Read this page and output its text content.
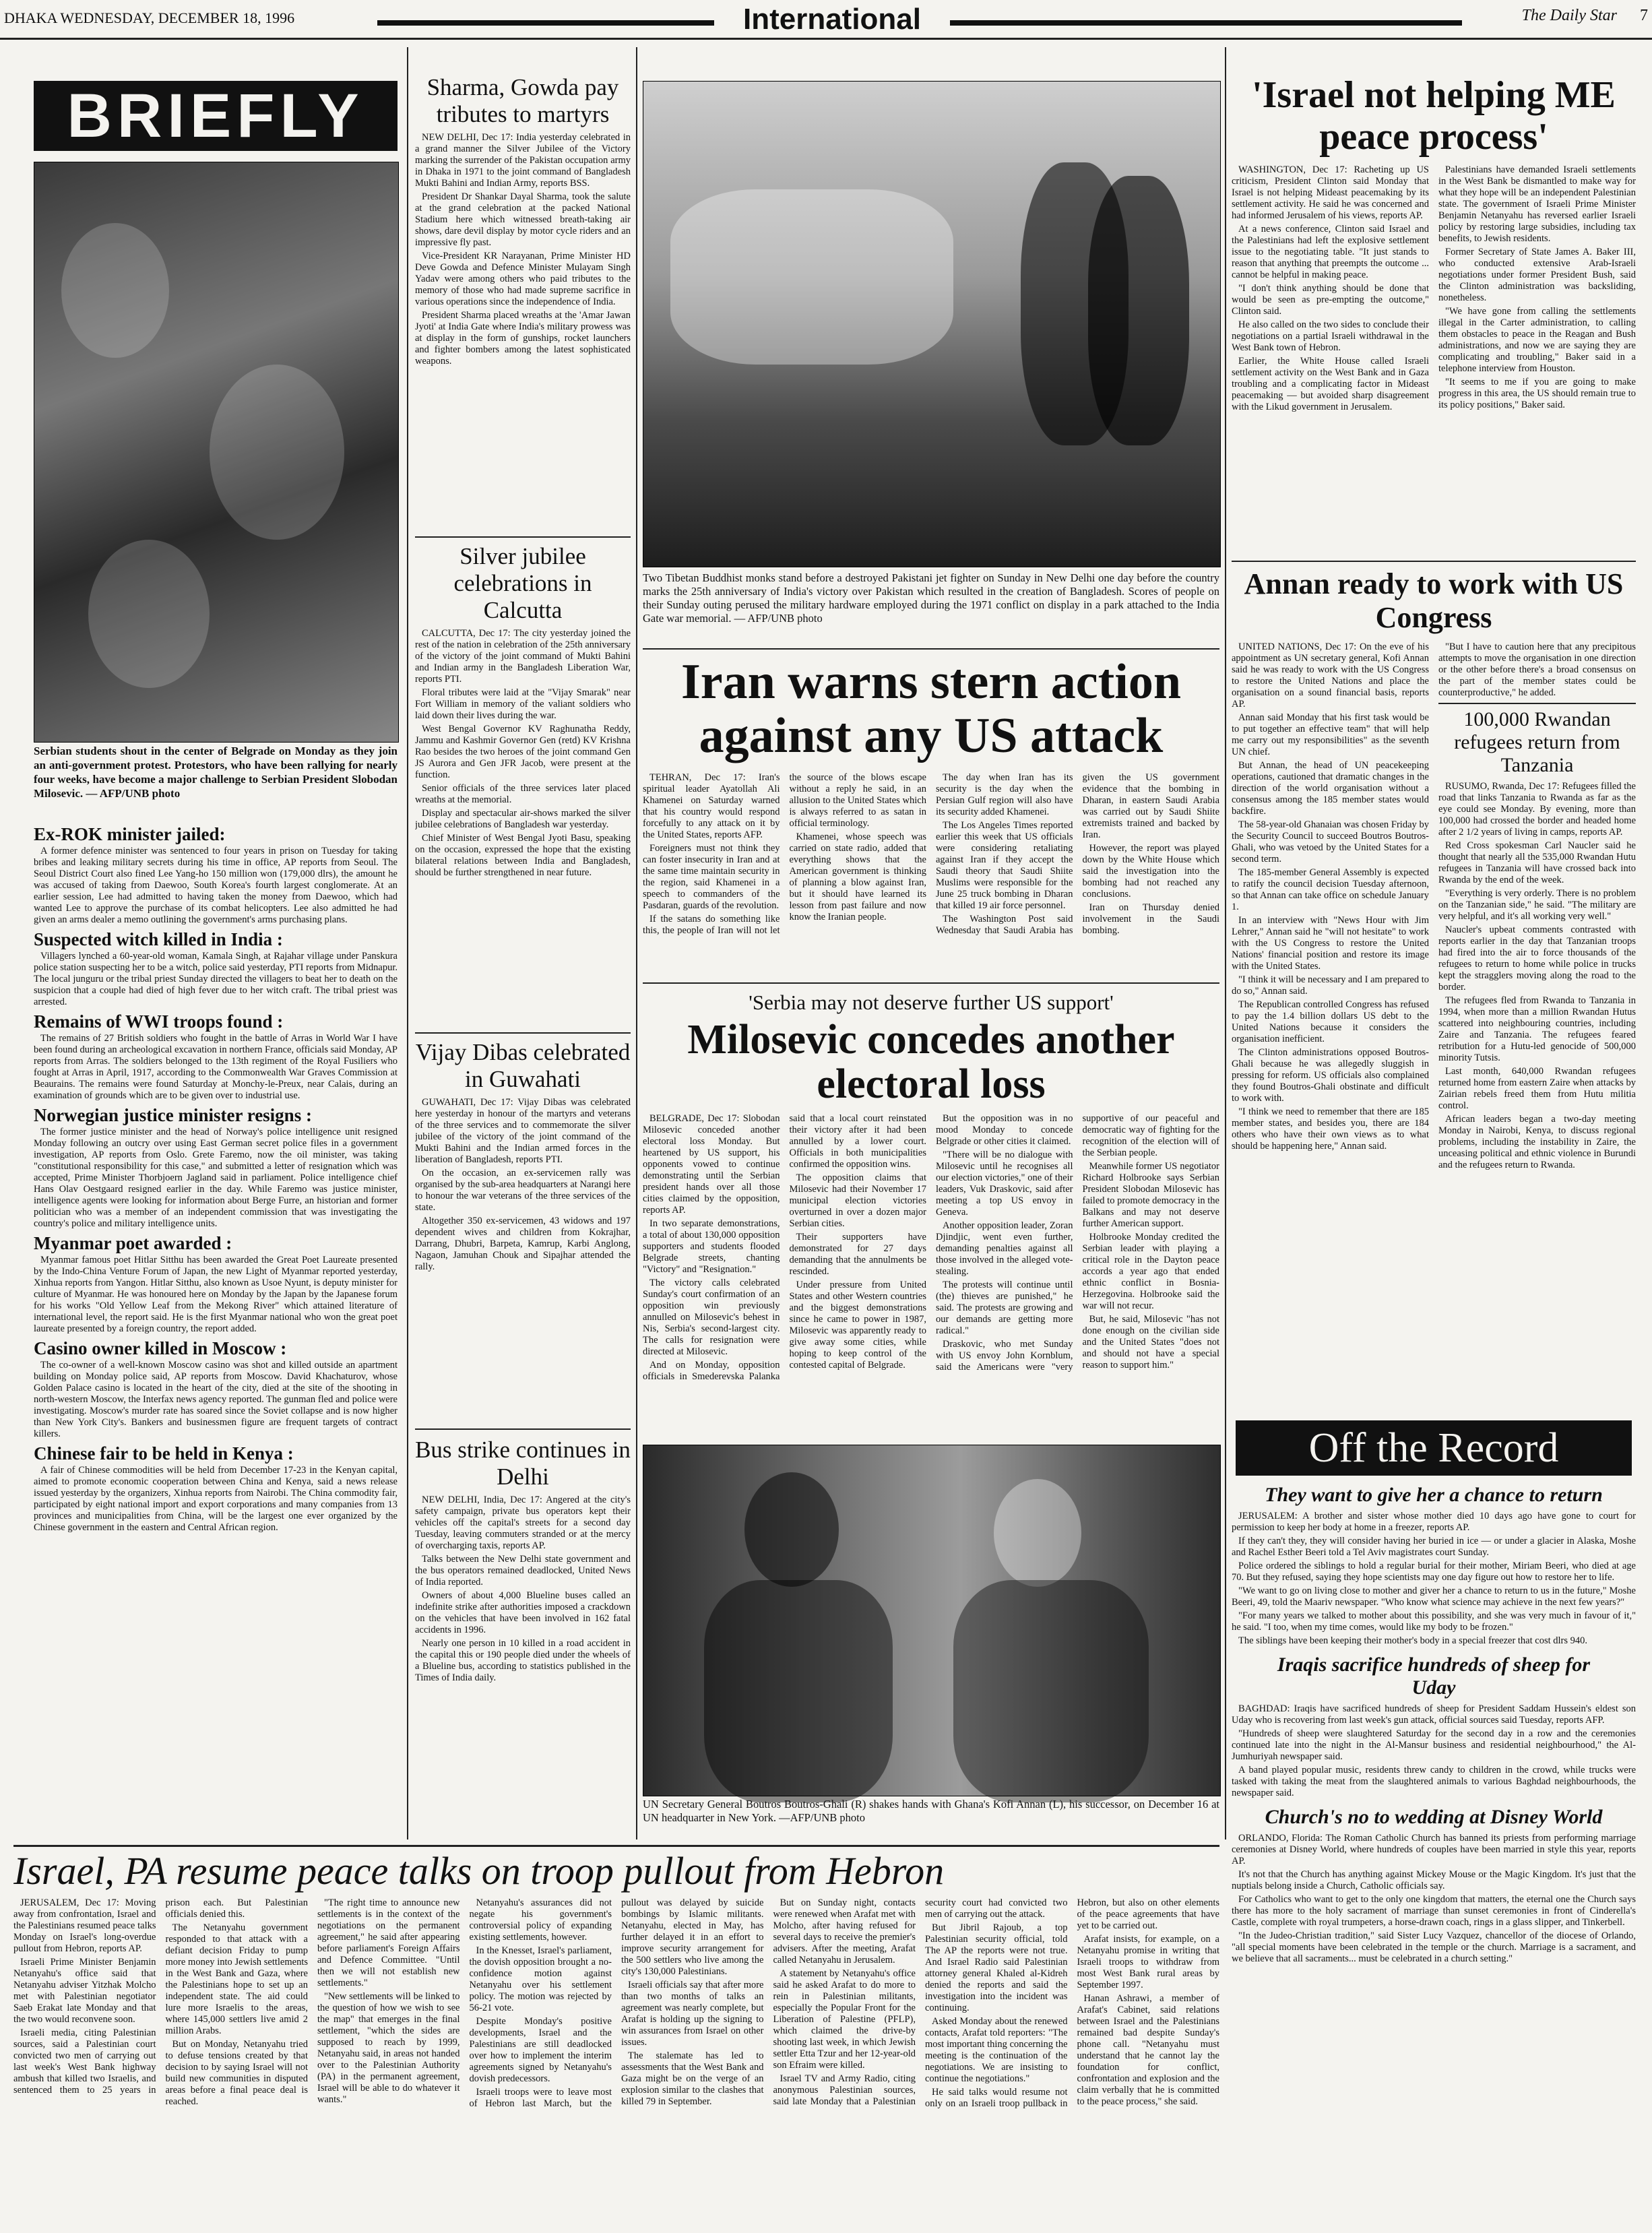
DHAKA WEDNESDAY, DECEMBER 18, 1996	International	The Daily Star	7
BRIEFLY
Serbian students shout in the center of Belgrade on Monday as they join an anti-government protest. Protestors, who have been rallying for nearly four weeks, have become a major challenge to Serbian President Slobodan Milosevic. — AFP/UNB photo
Ex-ROK minister jailed:

A former defence minister was sentenced to four years in prison on Tuesday for taking bribes and leaking military secrets during his time in office, AP reports from Seoul. The Seoul District Court also fined Lee Yang-ho 150 million won (179,000 dlrs), the amount he was accused of taking from Daewoo, South Korea's fourth largest conglomerate. At an earlier session, Lee had admitted to having taken the money from Daewoo, which had wanted Lee to approve the purchase of its combat helicopters. Lee also admitted he had given an arms dealer a memo outlining the government's arms purchasing plans.

Suspected witch killed in India :

Villagers lynched a 60-year-old woman, Kamala Singh, at Rajahar village under Panskura police station suspecting her to be a witch, police said yesterday, PTI reports from Midnapur. The local junguru or the tribal priest Sunday directed the villagers to beat her to death on the suspicion that a couple had died of high fever due to her witch craft. The tribal priest was arrested.

Remains of WWI troops found :

The remains of 27 British soldiers who fought in the battle of Arras in World War I have been found during an archeological excavation in northern France, officials said Monday, AP reports from Arras. The soldiers belonged to the 13th regiment of the Royal Fusiliers who fought at Arras in April, 1917, according to the Commonwealth War Graves Commission at Beaurains. The remains were found Saturday at Monchy-le-Preux, near Calais, during an examination of grounds which are to be given over to industrial use.

Norwegian justice minister resigns :

The former justice minister and the head of Norway's police intelligence unit resigned Monday following an outcry over using East German secret police files in a government investigation, AP reports from Oslo. Grete Faremo, now the oil minister, was taking "constitutional responsibility for this case," and submitted a letter of resignation which was accepted, Prime Minister Thorbjoern Jagland said in parliament. Police intelligence chief Hans Olav Oestgaard resigned earlier in the day. While Faremo was justice minister, intelligence agents were looking for information about Berge Furre, an historian and former politician who was a member of an independent commission that was investigating the country's police and military intelligence units.

Myanmar poet awarded :

Myanmar famous poet Hitlar Sitthu has been awarded the Great Poet Laureate presented by the Indo-China Venture Forum of Japan, the new Light of Myanmar reported yesterday, Xinhua reports from Yangon. Hitlar Sitthu, also known as Usoe Nyunt, is deputy minister for culture of Myanmar. He was honoured here on Monday by the Japan by the Japanese forum for his works "Old Yellow Leaf from the Mekong River" which attained literature of international level, the report said. He is the first Myanmar national who won the great poet laureate presented by a foreign country, the report added.

Casino owner killed in Moscow :

The co-owner of a well-known Moscow casino was shot and killed outside an apartment building on Monday police said, AP reports from Moscow. David Khachaturov, whose Golden Palace casino is located in the heart of the city, died at the site of the shooting in north-western Moscow, the Interfax news agency reported. The gunman fled and police were investigating. Moscow's murder rate has soared since the Soviet collapse and is now higher than New York City's. Bankers and businessmen figure are frequent targets of contract killers.

Chinese fair to be held in Kenya :

A fair of Chinese commodities will be held from December 17-23 in the Kenyan capital, aimed to promote economic cooperation between China and Kenya, said a news release issued yesterday by the organizers, Xinhua reports from Nairobi. The China commodity fair, participated by eight national import and export corporations and many companies from 13 provinces and municipalities from China, will be the largest one ever organized by the Chinese government in the eastern and Central African region.

Sharma, Gowda pay tributes to martyrs

NEW DELHI, Dec 17: India yesterday celebrated in a grand manner the Silver Jubilee of the Victory marking the surrender of the Pakistan occupation army in Dhaka in 1971 to the joint command of Bangladesh Mukti Bahini and Indian Army, reports BSS.

President Dr Shankar Dayal Sharma, took the salute at the grand celebration at the packed National Stadium here which witnessed breath-taking air shows, dare devil display by motor cycle riders and an impressive fly past.

Vice-President KR Narayanan, Prime Minister HD Deve Gowda and Defence Minister Mulayam Singh Yadav were among others who paid tributes to the memory of those who had made supreme sacrifice in various operations since the independence of India.

President Sharma placed wreaths at the 'Amar Jawan Jyoti' at India Gate where India's military prowess was at display in the form of gunships, rocket launchers and fighter bombers among the latest sophisticated weapons.

Silver jubilee celebrations in Calcutta

CALCUTTA, Dec 17: The city yesterday joined the rest of the nation in celebration of the 25th anniversary of the victory of the joint command of Mukti Bahini and Indian army in the Bangladesh Liberation War, reports PTI.

Floral tributes were laid at the "Vijay Smarak" near Fort William in memory of the valiant soldiers who laid down their lives during the war.

West Bengal Governor KV Raghunatha Reddy, Jammu and Kashmir Governor Gen (retd) KV Krishna Rao besides the two heroes of the joint command Gen JS Aurora and Gen JFR Jacob, were present at the function.

Senior officials of the three services later placed wreaths at the memorial.

Display and spectacular air-shows marked the silver jubilee celebrations of Bangladesh war yesterday.

Chief Minister of West Bengal Jyoti Basu, speaking on the occasion, expressed the hope that the existing bilateral relations between India and Bangladesh, should be further strengthened in near future.

Vijay Dibas celebrated in Guwahati

GUWAHATI, Dec 17: Vijay Dibas was celebrated here yesterday in honour of the martyrs and veterans of the three services and to commemorate the silver jubilee of the victory of the joint command of the Mukti Bahini and the Indian armed forces in the liberation of Bangladesh, reports PTI.

On the occasion, an ex-servicemen rally was organised by the sub-area headquarters at Narangi here to honour the war veterans of the three services of the state.

Altogether 350 ex-servicemen, 43 widows and 197 dependent wives and children from Kokrajhar, Darrang, Dhubri, Barpeta, Kamrup, Karbi Anglong, Nagaon, Jamuhan Chouk and Sipajhar attended the rally.

Bus strike continues in Delhi

NEW DELHI, India, Dec 17: Angered at the city's safety campaign, private bus operators kept their vehicles off the capital's streets for a second day Tuesday, leaving commuters stranded or at the mercy of overcharging taxis, reports AP.

Talks between the New Delhi state government and the bus operators remained deadlocked, United News of India reported.

Owners of about 4,000 Blueline buses called an indefinite strike after authorities imposed a crackdown on the vehicles that have been involved in 162 fatal accidents in 1996.

Nearly one person in 10 killed in a road accident in the capital this or 190 people died under the wheels of a Blueline bus, according to statistics published in the Times of India daily.

Two Tibetan Buddhist monks stand before a destroyed Pakistani jet fighter on Sunday in New Delhi one day before the country marks the 25th anniversary of India's victory over Pakistan which resulted in the creation of Bangladesh. Scores of people on their Sunday outing perused the military hardware employed during the 1971 conflict on display in a park attached to the India Gate war memorial. — AFP/UNB photo
Iran warns stern action against any US attack

TEHRAN, Dec 17: Iran's spiritual leader Ayatollah Ali Khamenei on Saturday warned that his country would respond forcefully to any attack on it by the United States, reports AFP.

Foreigners must not think they can foster insecurity in Iran and at the same time maintain security in the region, said Khamenei in a speech to commanders of the Pasdaran, guards of the revolution.

If the satans do something like this, the people of Iran will not let the source of the blows escape without a reply he said, in an allusion to the United States which is always referred to as satan in official terminology.

Khamenei, whose speech was carried on state radio, added that everything shows that the American government is thinking of planning a blow against Iran, but it should have learned its lesson from past failure and now know the Iranian people.

The day when Iran has its security is the day when the Persian Gulf region will also have its security added Khamenei.

The Los Angeles Times reported earlier this week that US officials were considering retaliating against Iran if they accept the Saudi theory that Saudi Shiite Muslims were responsible for the June 25 truck bombing in Dharan that killed 19 air force personnel.

The Washington Post said Wednesday that Saudi Arabia has given the US government evidence that the bombing in Dharan, in eastern Saudi Arabia was carried out by Saudi Shiite extremists trained and backed by Iran.

However, the report was played down by the White House which said the investigation into the bombing had not reached any conclusions.

Iran on Thursday denied involvement in the Saudi bombing.

'Serbia may not deserve further US support'
Milosevic concedes another electoral loss

BELGRADE, Dec 17: Slobodan Milosevic conceded another electoral loss Monday. But heartened by US support, his opponents vowed to continue demonstrating until the Serbian president hands over all those cities claimed by the opposition, reports AP.

In two separate demonstrations, a total of about 130,000 opposition supporters and students flooded Belgrade streets, chanting "Victory" and "Resignation."

The victory calls celebrated Sunday's court confirmation of an opposition win previously annulled on Milosevic's behest in Nis, Serbia's second-largest city. The calls for resignation were directed at Milosevic.

And on Monday, opposition officials in Smederevska Palanka said that a local court reinstated their victory after it had been annulled by a lower court. Officials in both municipalities confirmed the opposition wins.

The opposition claims that Milosevic had their November 17 municipal election victories overturned in over a dozen major Serbian cities.

Their supporters have demonstrated for 27 days demanding that the annulments be rescinded.

Under pressure from United States and other Western countries and the biggest demonstrations since he came to power in 1987, Milosevic was apparently ready to give away some cities, while hoping to keep control of the contested capital of Belgrade.

But the opposition was in no mood Monday to concede Belgrade or other cities it claimed.

"There will be no dialogue with Milosevic until he recognises all our election victories," one of their leaders, Vuk Draskovic, said after meeting a top US envoy in Geneva.

Another opposition leader, Zoran Djindjic, went even further, demanding penalties against all those involved in the alleged vote-stealing.

The protests will continue until (the) thieves are punished," he said. The protests are growing and our demands are getting more radical."

Draskovic, who met Sunday with US envoy John Kornblum, said the Americans were "very supportive of our peaceful and democratic way of fighting for the recognition of the election will of the Serbian people.

Meanwhile former US negotiator Richard Holbrooke says Serbian President Slobodan Milosevic has failed to promote democracy in the Balkans and may not deserve further American support.

Holbrooke Monday credited the Serbian leader with playing a critical role in the Dayton peace accords a year ago that ended ethnic conflict in Bosnia-Herzegovina. Holbrooke said the war will not recur.

But, he said, Milosevic "has not done enough on the civilian side and the United States "does not and should not have a special reason to support him."

UN Secretary General Boutros Boutros-Ghali (R) shakes hands with Ghana's Kofi Annan (L), his successor, on December 16 at UN headquarter in New York. —AFP/UNB photo
'Israel not helping ME peace process'

WASHINGTON, Dec 17: Racheting up US criticism, President Clinton said Monday that Israel is not helping Mideast peacemaking by its settlement activity. He said he was concerned and had informed Jerusalem of his views, reports AP.

At a news conference, Clinton said Israel and the Palestinians had left the explosive settlement issue to the negotiating table. "It just stands to reason that anything that preempts the outcome ... cannot be helpful in making peace.

"I don't think anything should be done that would be seen as pre-empting the outcome," Clinton said.

He also called on the two sides to conclude their negotiations on a partial Israeli withdrawal in the West Bank town of Hebron.

Earlier, the White House called Israeli settlement activity on the West Bank and in Gaza troubling and a complicating factor in Mideast peacemaking — but avoided sharp disagreement with the Likud government in Jerusalem.

Palestinians have demanded Israeli settlements in the West Bank be dismantled to make way for what they hope will be an independent Palestinian state. The government of Israeli Prime Minister Benjamin Netanyahu has reversed earlier Israeli policy by restoring large subsidies, including tax benefits, to Jewish residents.

Former Secretary of State James A. Baker III, who conducted extensive Arab-Israeli negotiations under former President Bush, said the Clinton administration was backsliding, nonetheless.

"We have gone from calling the settlements illegal in the Carter administration, to calling them obstacles to peace in the Reagan and Bush administrations, and now we are saying they are complicating and troubling," Baker said in a telephone interview from Houston.

"It seems to me if you are going to make progress in this area, the US should remain true to its policy positions," Baker said.

Annan ready to work with US Congress

UNITED NATIONS, Dec 17: On the eve of his appointment as UN secretary general, Kofi Annan said he was ready to work with the US Congress to restore the United Nations and place the organisation on a sound financial basis, reports AP.

Annan said Monday that his first task would be to put together an effective team" that will help me carry out my responsibilities" as the seventh UN chief.

But Annan, the head of UN peacekeeping operations, cautioned that dramatic changes in the direction of the world organisation without a consensus among the 185 member states would backfire.

The 58-year-old Ghanaian was chosen Friday by the Security Council to succeed Boutros Boutros-Ghali, who was vetoed by the United States for a second term.

The 185-member General Assembly is expected to ratify the council decision Tuesday afternoon, so that Annan can take office on schedule January 1.

In an interview with "News Hour with Jim Lehrer," Annan said he "will not hesitate" to work with the US Congress to restore the United Nations' financial position and restore its image with the United States.

"I think it will be necessary and I am prepared to do so," Annan said.

The Republican controlled Congress has refused to pay the 1.4 billion dollars US debt to the United Nations because it considers the organisation inefficient.

The Clinton administrations opposed Boutros-Ghali because he was allegedly sluggish in pressing for reform. US officials also complained they found Boutros-Ghali obstinate and difficult to work with.

"I think we need to remember that there are 185 member states, and besides you, there are 184 others who have their own views as to what should be happening here," Annan said.

"But I have to caution here that any precipitous attempts to move the organisation in one direction or the other before there's a broad consensus on the part of the member states could be counterproductive," he added.

100,000 Rwandan refugees return from Tanzania

RUSUMO, Rwanda, Dec 17: Refugees filled the road that links Tanzania to Rwanda as far as the eye could see Monday. By evening, more than 100,000 had crossed the border and headed home after 2 1/2 years of living in camps, reports AP.

Red Cross spokesman Carl Naucler said he thought that nearly all the 535,000 Rwandan Hutu refugees in Tanzania will have crossed back into Rwanda by the end of the week.

"Everything is very orderly. There is no problem on the Tanzanian side," he said. "The military are very helpful, and it's all working very well."

Naucler's upbeat comments contrasted with reports earlier in the day that Tanzanian troops had fired into the air to force thousands of the refugees to return to home while police in trucks kept the stragglers moving along the road to the border.

The refugees fled from Rwanda to Tanzania in 1994, when more than a million Rwandan Hutus scattered into neighbouring countries, including Zaire and Tanzania. The refugees feared retribution for a Hutu-led genocide of 500,000 minority Tutsis.

Last month, 640,000 Rwandan refugees returned home from eastern Zaire when attacks by Zairian rebels freed them from Hutu militia control.

African leaders began a two-day meeting Monday in Nairobi, Kenya, to discuss regional problems, including the instability in Zaire, the unceasing political and ethnic violence in Burundi and the refugees return to Rwanda.

Off the Record
They want to give her a chance to return

JERUSALEM: A brother and sister whose mother died 10 days ago have gone to court for permission to keep her body at home in a freezer, reports AP.

If they can't they, they will consider having her buried in ice — or under a glacier in Alaska, Moshe and Rachel Esther Beeri told a Tel Aviv magistrates court Sunday.

Police ordered the siblings to hold a regular burial for their mother, Miriam Beeri, who died at age 70. But they refused, saying they hope scientists may one day figure out how to restore her to life.

"We want to go on living close to mother and giver her a chance to return to us in the future," Moshe Beeri, 49, told the Maariv newspaper. "Who know what science may achieve in the next few years?"

"For many years we talked to mother about this possibility, and she was very much in favour of it," he said. "I too, when my time comes, would like my body to be frozen."

The siblings have been keeping their mother's body in a special freezer that cost dlrs 940.

Iraqis sacrifice hundreds of sheep for Uday

BAGHDAD: Iraqis have sacrificed hundreds of sheep for President Saddam Hussein's eldest son Uday who is recovering from last week's gun attack, official sources said Tuesday, reports AFP.

"Hundreds of sheep were slaughtered Saturday for the second day in a row and the ceremonies continued late into the night in the Al-Mansur business and residential neighbourhood," the Al-Jumhuriyah newspaper said.

A band played popular music, residents threw candy to children in the crowd, while trucks were tasked with taking the meat from the slaughtered animals to various Baghdad neighbourhoods, the newspaper said.

Church's no to wedding at Disney World

ORLANDO, Florida: The Roman Catholic Church has banned its priests from performing marriage ceremonies at Disney World, where hundreds of couples have been married in style this year, reports AP.

It's not that the Church has anything against Mickey Mouse or the Magic Kingdom. It's just that the nuptials belong inside a Church, Catholic officials say.

For Catholics who want to get to the only one kingdom that matters, the eternal one the Church says there has more to the holy sacrament of marriage than sunset ceremonies in front of Cinderella's Castle, complete with royal trumpeters, a horse-drawn coach, rings in a glass slipper, and Tinkerbell.

"In the Judeo-Christian tradition," said Sister Lucy Vazquez, chancellor of the diocese of Orlando, "all special moments have been celebrated in the temple or the church. Marriage is a sacrament, and we believe that all sacraments... must be celebrated in a church setting."

Israel, PA resume peace talks on troop pullout from Hebron

JERUSALEM, Dec 17: Moving away from confrontation, Israel and the Palestinians resumed peace talks Monday on Israel's long-overdue pullout from Hebron, reports AP.

Israeli Prime Minister Benjamin Netanyahu's office said that Netanyahu adviser Yitzhak Molcho met with Palestinian negotiator Saeb Erakat late Monday and that the two would reconvene soon.

Israeli media, citing Palestinian sources, said a Palestinian court convicted two men of carrying out last week's West Bank highway ambush that killed two Israelis, and sentenced them to 25 years in prison each. But Palestinian officials denied this.

The Netanyahu government responded to that attack with a defiant decision Friday to pump more money into Jewish settlements in the West Bank and Gaza, where the Palestinians hope to set up an independent state. The aid could lure more Israelis to the areas, where 145,000 settlers live amid 2 million Arabs.

But on Monday, Netanyahu tried to defuse tensions created by that decision to by saying Israel will not build new communities in disputed areas before a final peace deal is reached.

"The right time to announce new settlements is in the context of the negotiations on the permanent agreement," he said after appearing before parliament's Foreign Affairs and Defence Committee. "Until then we will not establish new settlements."

"New settlements will be linked to the question of how we wish to see the map" that emerges in the final settlement, "which the sides are supposed to reach by 1999, Netanyahu said, in areas not handed over to the Palestinian Authority (PA) in the permanent agreement, Israel will be able to do whatever it wants."

Netanyahu's assurances did not negate his government's controversial policy of expanding existing settlements, however.

In the Knesset, Israel's parliament, the dovish opposition brought a no-confidence motion against Netanyahu over his settlement policy. The motion was rejected by 56-21 vote.

Despite Monday's positive developments, Israel and the Palestinians are still deadlocked over how to implement the interim agreements signed by Netanyahu's dovish predecessors.

Israeli troops were to leave most of Hebron last March, but the pullout was delayed by suicide bombings by Islamic militants. Netanyahu, elected in May, has further delayed it in an effort to improve security arrangement for the 500 settlers who live among the city's 130,000 Palestinians.

Israeli officials say that after more than two months of talks an agreement was nearly complete, but Arafat is holding up the signing to win assurances from Israel on other issues.

The stalemate has led to assessments that the West Bank and Gaza might be on the verge of an explosion similar to the clashes that killed 79 in September.

But on Sunday night, contacts were renewed when Arafat met with Molcho, after having refused for several days to receive the premier's advisers. After the meeting, Arafat called Netanyahu in Jerusalem.

A statement by Netanyahu's office said he asked Arafat to do more to rein in Palestinian militants, especially the Popular Front for the Liberation of Palestine (PFLP), which claimed the drive-by shooting last week, in which Jewish settler Etta Tzur and her 12-year-old son Efraim were killed.

Israel TV and Army Radio, citing anonymous Palestinian sources, said late Monday that a Palestinian security court had convicted two men of carrying out the attack.

But Jibril Rajoub, a top Palestinian security official, told The AP the reports were not true. And Israel Radio said Palestinian attorney general Khaled al-Kidreh denied the reports and said the investigation into the incident was continuing.

Asked Monday about the renewed contacts, Arafat told reporters: "The most important thing concerning the meeting is the continuation of the negotiations. We are insisting to continue the negotiations."

He said talks would resume not only on an Israeli troop pullback in Hebron, but also on other elements of the peace agreements that have yet to be carried out.

Arafat insists, for example, on a Netanyahu promise in writing that Israeli troops to withdraw from most West Bank rural areas by September 1997.

Hanan Ashrawi, a member of Arafat's Cabinet, said relations between Israel and the Palestinians remained bad despite Sunday's phone call. "Netanyahu must understand that he cannot lay the foundation for conflict, confrontation and explosion and the claim verbally that he is committed to the peace process," she said.
